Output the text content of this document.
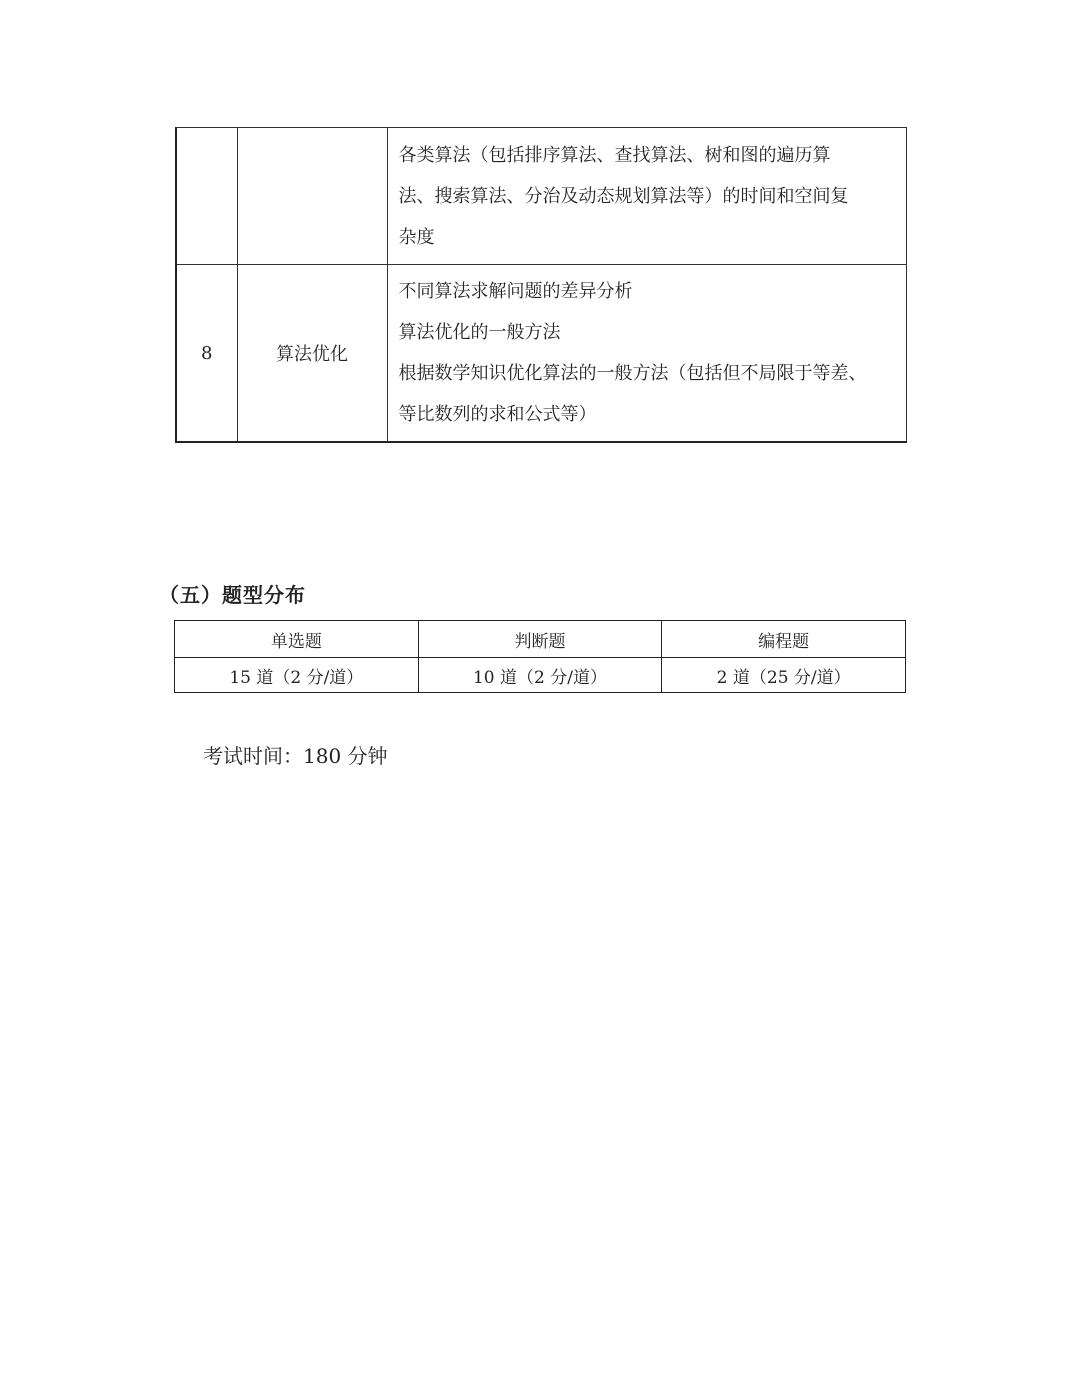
		各类算法（包括排序算法、查找算法、树和图的遍历算
法、搜索算法、分治及动态规划算法等）的时间和空间复
杂度

8	算法优化	不同算法求解问题的差异分析
算法优化的一般方法
根据数学知识优化算法的一般方法（包括但不局限于等差、
等比数列的求和公式等）
（五）题型分布
单选题	判断题	编程题
15 道（2 分/道）	10 道（2 分/道）	2 道（25 分/道）

考试时间：180 分钟
